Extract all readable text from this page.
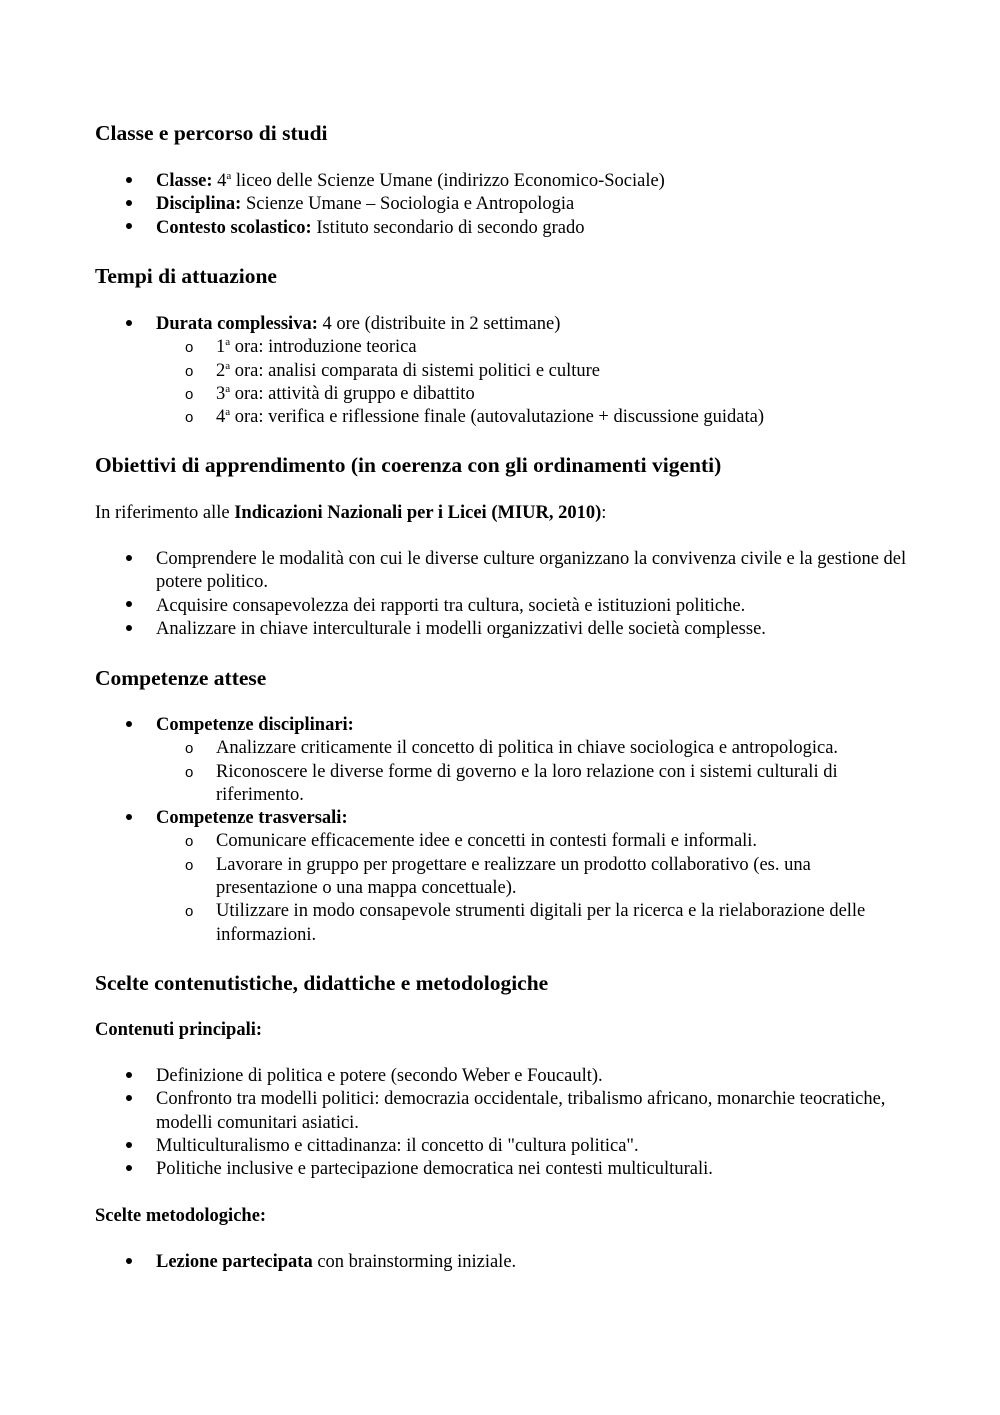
Classe e percorso di studi
Classe: 4$^a$ liceo delle Scienze Umane (indirizzo Economico-Sociale)
Disciplina: Scienze Umane – Sociologia e Antropologia
Contesto scolastico: Istituto secondario di secondo grado
Tempi di attuazione
Durata complessiva: 4 ore (distribuite in 2 settimane)
o 1$^a$ ora: introduzione teorica
o 2$^a$ ora: analisi comparata di sistemi politici e culture
o 3$^a$ ora: attività di gruppo e dibattito
o 4$^a$ ora: verifica e riflessione finale (autovalutazione + discussione guidata)
Obiettivi di apprendimento (in coerenza con gli ordinamenti vigenti)

In riferimento alle Indicazioni Nazionali per i Licei (MIUR, 2010):

Comprendere le modalità con cui le diverse culture organizzano la convivenza civile e la gestione del potere politico.
Acquisire consapevolezza dei rapporti tra cultura, società e istituzioni politiche.
Analizzare in chiave interculturale i modelli organizzativi delle società complesse.
Competenze attese
Competenze disciplinari:
o Analizzare criticamente il concetto di politica in chiave sociologica e antropologica.
o Riconoscere le diverse forme di governo e la loro relazione con i sistemi culturali di riferimento.
Competenze trasversali:
o Comunicare efficacemente idee e concetti in contesti formali e informali.
o Lavorare in gruppo per progettare e realizzare un prodotto collaborativo (es. una presentazione o una mappa concettuale).
o Utilizzare in modo consapevole strumenti digitali per la ricerca e la rielaborazione delle informazioni.
Scelte contenutistiche, didattiche e metodologiche
Contenuti principali:
Definizione di politica e potere (secondo Weber e Foucault).
Confronto tra modelli politici: democrazia occidentale, tribalismo africano, monarchie teocratiche, modelli comunitari asiatici.
Multiculturalismo e cittadinanza: il concetto di "cultura politica".
Politiche inclusive e partecipazione democratica nei contesti multiculturali.
Scelte metodologiche:
Lezione partecipata con brainstorming iniziale.
